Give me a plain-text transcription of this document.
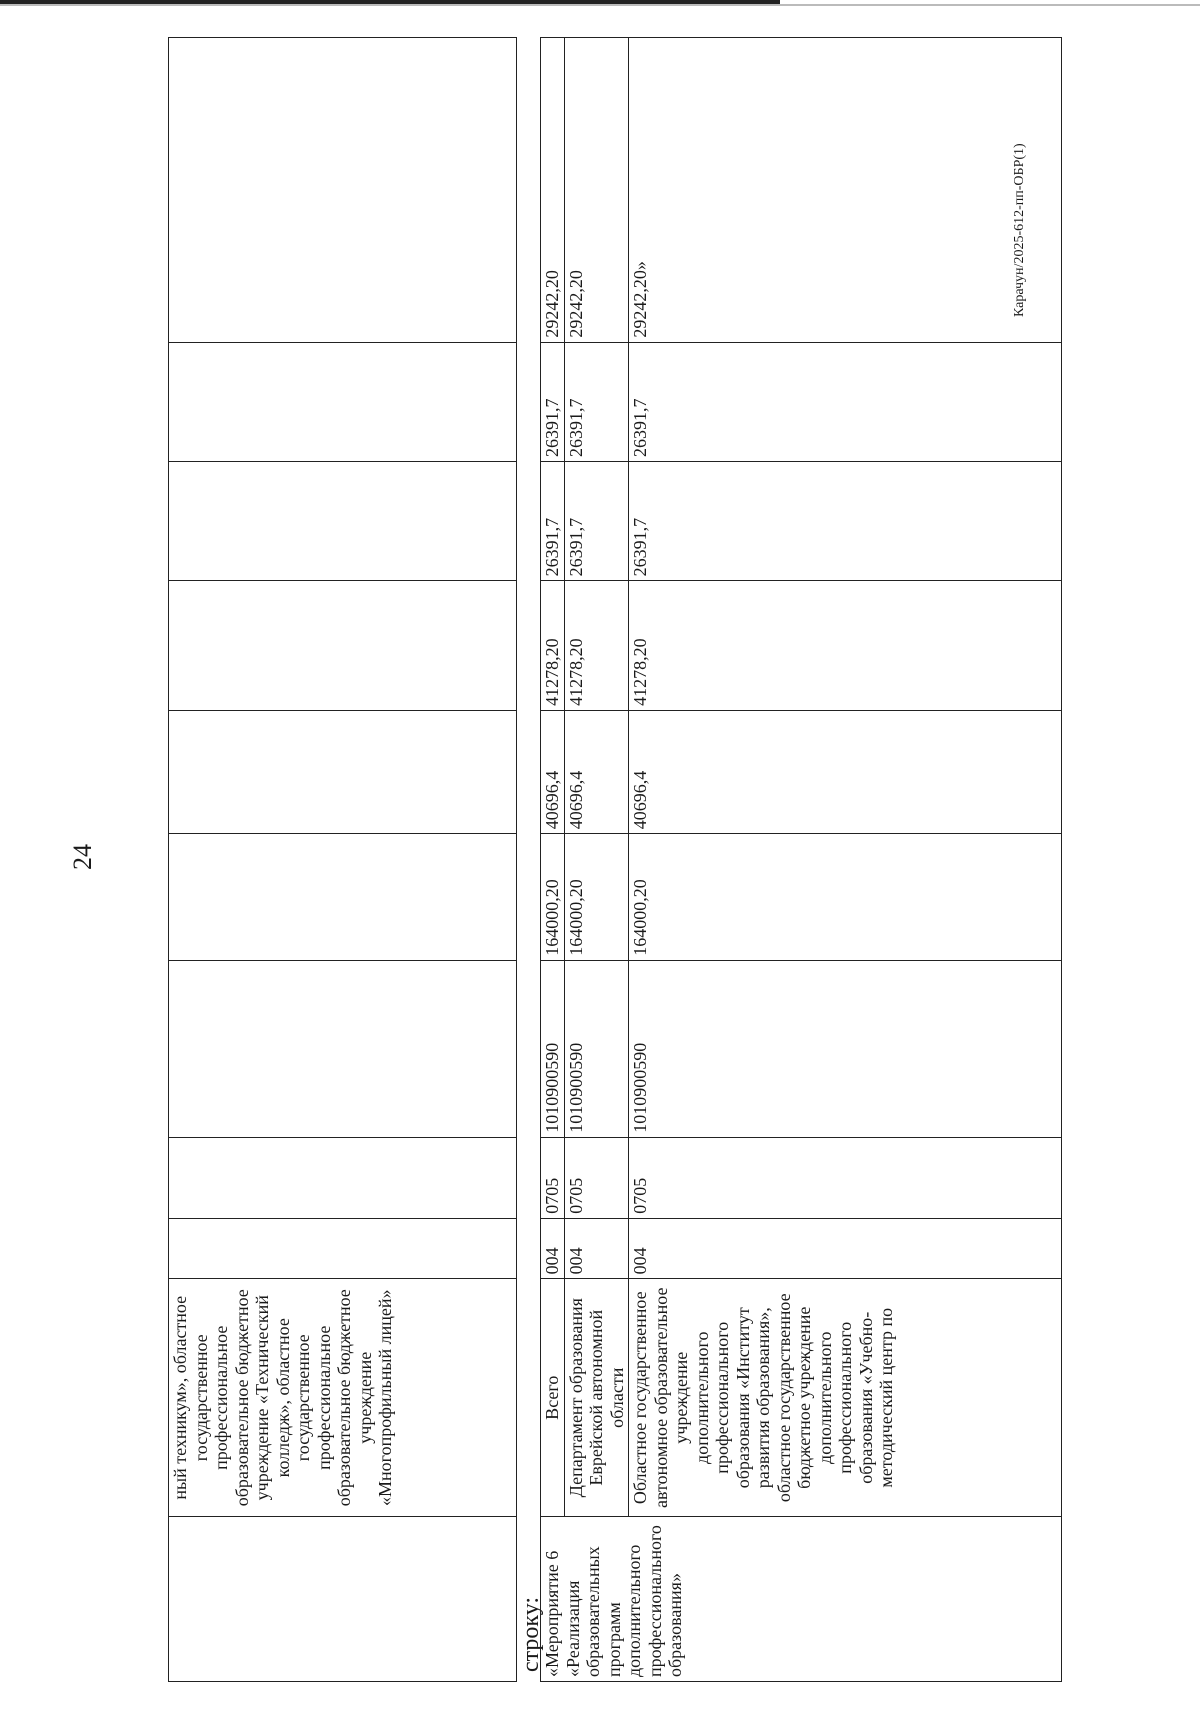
24
	ный техникум», областное государственное профессиональное образовательное бюджетное учреждение «Технический колледж», областное государственное профессиональное образовательное бюджетное учреждение «Многопрофильный лицей»									
строку:
«Мероприятие 6 «Реализация образовательных программ дополнительного профессионального образования»	Всего	004	0705	1010900590	164000,20	40696,4	41278,20	26391,7	26391,7	29242,20
	Департамент образования Еврейской автономной области	004	0705	1010900590	164000,20	40696,4	41278,20	26391,7	26391,7	29242,20
	Областное государственное автономное образовательное учреждение дополнительного профессионального образования «Институт развития образования», областное государственное бюджетное учреждение дополнительного профессионального образования «Учебно-методический центр по	004	0705	1010900590	164000,20	40696,4	41278,20	26391,7	26391,7	29242,20»	Карачун/2025-612-пп-ОБР(1)
